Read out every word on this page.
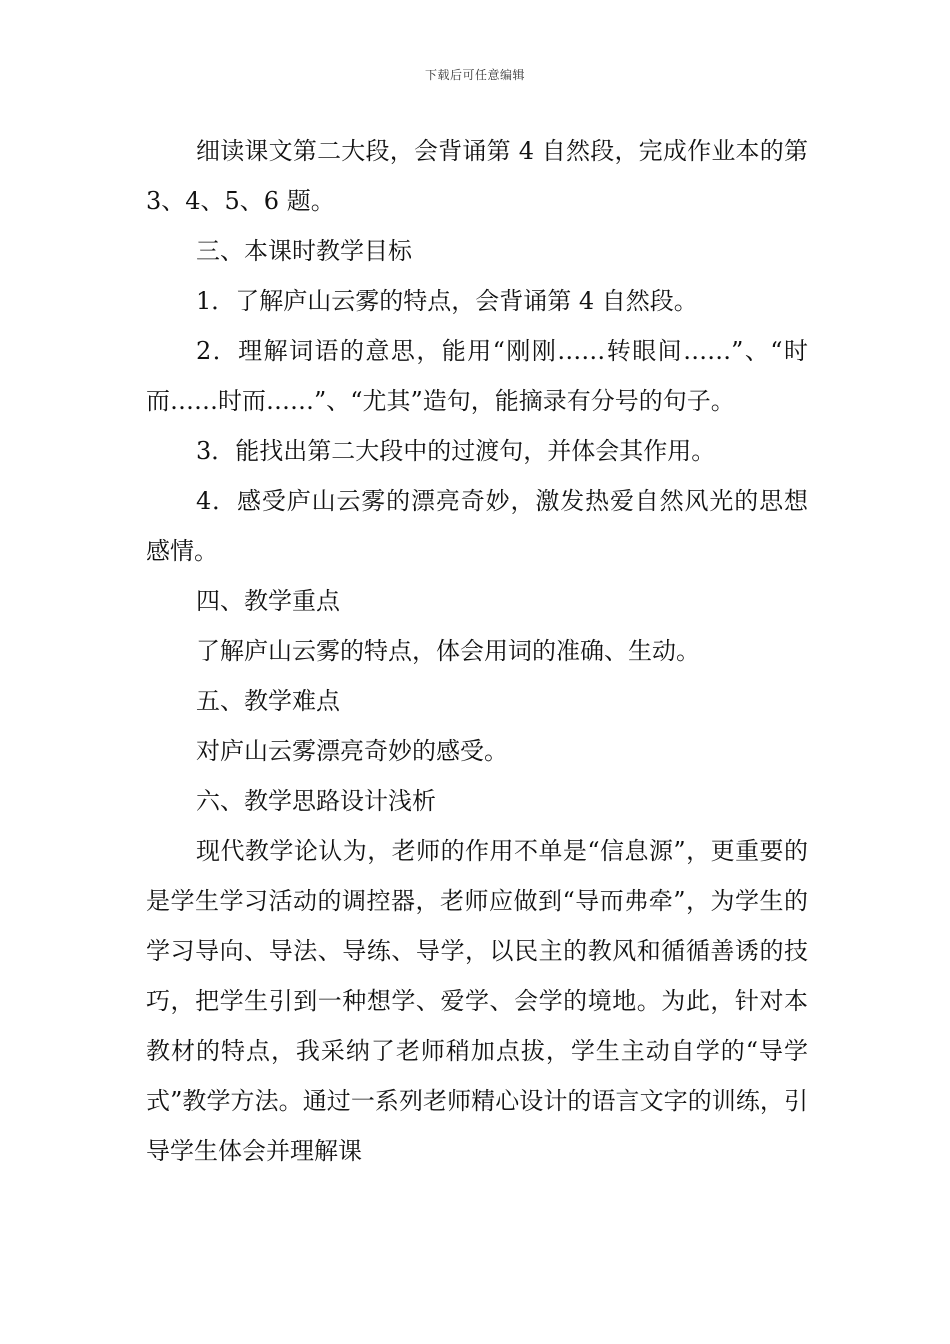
下载后可任意编辑

细读课文第二大段，会背诵第 4 自然段，完成作业本的第 3、4、5、6 题。

三、本课时教学目标

1．了解庐山云雾的特点，会背诵第 4 自然段。

2．理解词语的意思，能用“刚刚……转眼间……”、“时而……时而……”、“尤其”造句，能摘录有分号的句子。

3．能找出第二大段中的过渡句，并体会其作用。

4．感受庐山云雾的漂亮奇妙，激发热爱自然风光的思想感情。

四、教学重点

了解庐山云雾的特点，体会用词的准确、生动。

五、教学难点

对庐山云雾漂亮奇妙的感受。

六、教学思路设计浅析

现代教学论认为，老师的作用不单是“信息源”，更重要的是学生学习活动的调控器，老师应做到“导而弗牵”，为学生的学习导向、导法、导练、导学，以民主的教风和循循善诱的技巧，把学生引到一种想学、爱学、会学的境地。为此，针对本教材的特点，我采纳了老师稍加点拔，学生主动自学的“导学式”教学方法。通过一系列老师精心设计的语言文字的训练，引导学生体会并理解课
